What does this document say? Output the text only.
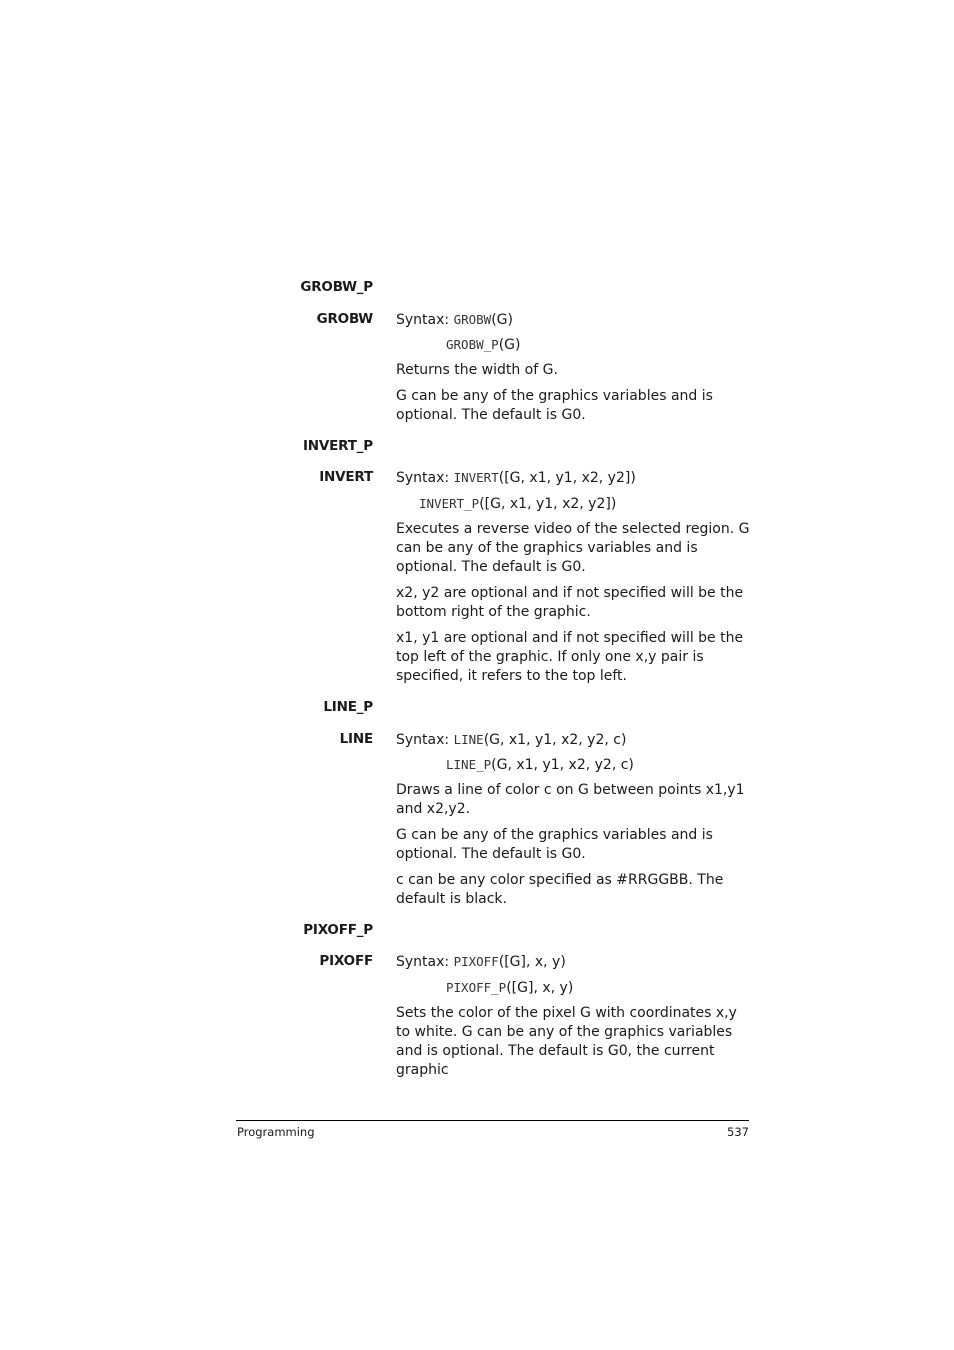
GROBW_P
GROBW Syntax: GROBW(G)
GROBW_P(G)
Returns the width of G.
G can be any of the graphics variables and is optional. The default is G0.
INVERT_P
INVERT Syntax: INVERT([G, x1, y1, x2, y2])
INVERT_P([G, x1, y1, x2, y2])
Executes a reverse video of the selected region. G can be any of the graphics variables and is optional. The default is G0.
x2, y2 are optional and if not specified will be the bottom right of the graphic.
x1, y1 are optional and if not specified will be the top left of the graphic. If only one x,y pair is specified, it refers to the top left.
LINE_P
LINE Syntax: LINE(G, x1, y1, x2, y2, c)
LINE_P(G, x1, y1, x2, y2, c)
Draws a line of color c on G between points x1,y1 and x2,y2.
G can be any of the graphics variables and is optional. The default is G0.
c can be any color specified as #RRGGBB. The default is black.
PIXOFF_P
PIXOFF Syntax: PIXOFF([G], x, y)
PIXOFF_P([G], x, y)
Sets the color of the pixel G with coordinates x,y to white. G can be any of the graphics variables and is optional. The default is G0, the current graphic
Programming	537
